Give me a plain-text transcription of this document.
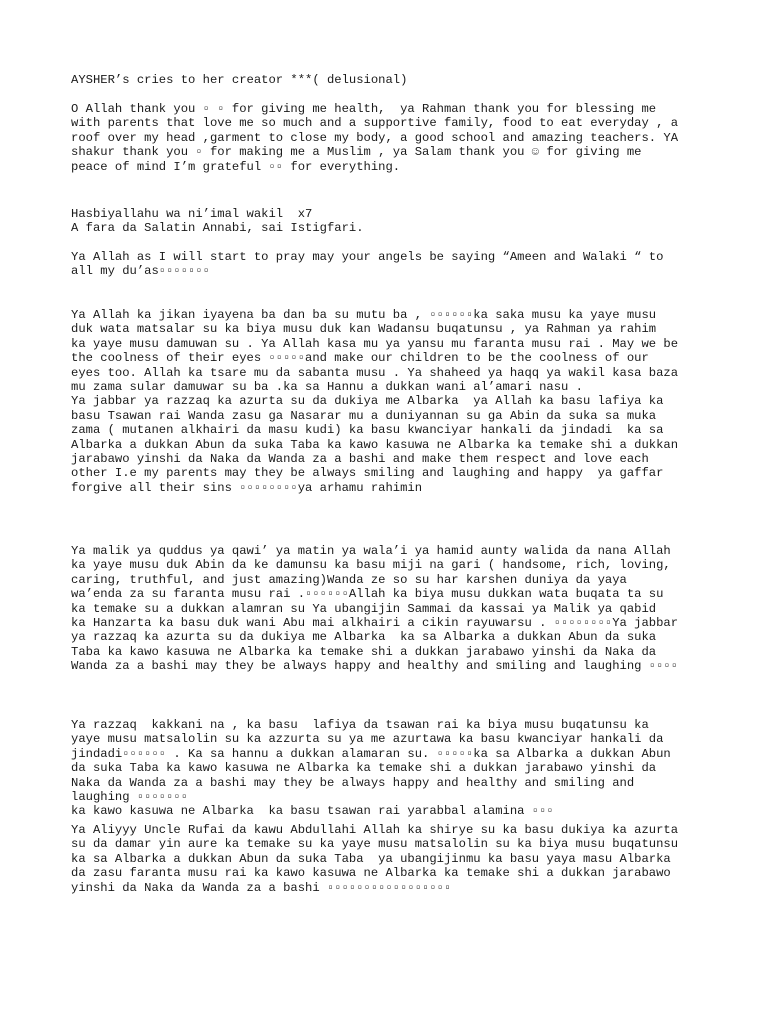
AYSHER’s cries to her creator ***( delusional)

O Allah thank you ▫ ▫ for giving me health,  ya Rahman thank you for blessing me
with parents that love me so much and a supportive family, food to eat everyday , a
roof over my head ,garment to close my body, a good school and amazing teachers. YA
shakur thank you ▫ for making me a Muslim , ya Salam thank you ☺ for giving me
peace of mind I’m grateful ▫▫ for everything.

Hasbiyallahu wa ni’imal wakil  x7
A fara da Salatin Annabi, sai Istigfari.

Ya Allah as I will start to pray may your angels be saying “Ameen and Walaki “ to
all my du’as▫▫▫▫▫▫▫

Ya Allah ka jikan iyayena ba dan ba su mutu ba , ▫▫▫▫▫▫ka saka musu ka yaye musu
duk wata matsalar su ka biya musu duk kan Wadansu buqatunsu , ya Rahman ya rahim
ka yaye musu damuwan su . Ya Allah kasa mu ya yansu mu faranta musu rai . May we be
the coolness of their eyes ▫▫▫▫▫and make our children to be the coolness of our
eyes too. Allah ka tsare mu da sabanta musu . Ya shaheed ya haqq ya wakil kasa baza
mu zama sular damuwar su ba .ka sa Hannu a dukkan wani al’amari nasu .
Ya jabbar ya razzaq ka azurta su da dukiya me Albarka  ya Allah ka basu lafiya ka
basu Tsawan rai Wanda zasu ga Nasarar mu a duniyannan su ga Abin da suka sa muka
zama ( mutanen alkhairi da masu kudi) ka basu kwanciyar hankali da jindadi  ka sa
Albarka a dukkan Abun da suka Taba ka kawo kasuwa ne Albarka ka temake shi a dukkan
jarabawo yinshi da Naka da Wanda za a bashi and make them respect and love each
other I.e my parents may they be always smiling and laughing and happy  ya gaffar
forgive all their sins ▫▫▫▫▫▫▫▫ya arhamu rahimin

Ya malik ya quddus ya qawi’ ya matin ya wala’i ya hamid aunty walida da nana Allah
ka yaye musu duk Abin da ke damunsu ka basu miji na gari ( handsome, rich, loving,
caring, truthful, and just amazing)Wanda ze so su har karshen duniya da yaya
wa’enda za su faranta musu rai .▫▫▫▫▫▫Allah ka biya musu dukkan wata buqata ta su
ka temake su a dukkan alamran su Ya ubangijin Sammai da kassai ya Malik ya qabid
ka Hanzarta ka basu duk wani Abu mai alkhairi a cikin rayuwarsu . ▫▫▫▫▫▫▫▫Ya jabbar
ya razzaq ka azurta su da dukiya me Albarka  ka sa Albarka a dukkan Abun da suka
Taba ka kawo kasuwa ne Albarka ka temake shi a dukkan jarabawo yinshi da Naka da
Wanda za a bashi may they be always happy and healthy and smiling and laughing ▫▫▫▫

Ya razzaq  kakkani na , ka basu  lafiya da tsawan rai ka biya musu buqatunsu ka
yaye musu matsalolin su ka azzurta su ya me azurtawa ka basu kwanciyar hankali da
jindadi▫▫▫▫▫▫ . Ka sa hannu a dukkan alamaran su. ▫▫▫▫▫ka sa Albarka a dukkan Abun
da suka Taba ka kawo kasuwa ne Albarka ka temake shi a dukkan jarabawo yinshi da
Naka da Wanda za a bashi may they be always happy and healthy and smiling and
laughing ▫▫▫▫▫▫▫
ka kawo kasuwa ne Albarka  ka basu tsawan rai yarabbal alamina ▫▫▫

Ya Aliyyy Uncle Rufai da kawu Abdullahi Allah ka shirye su ka basu dukiya ka azurta
su da damar yin aure ka temake su ka yaye musu matsalolin su ka biya musu buqatunsu
ka sa Albarka a dukkan Abun da suka Taba  ya ubangijinmu ka basu yaya masu Albarka
da zasu faranta musu rai ka kawo kasuwa ne Albarka ka temake shi a dukkan jarabawo
yinshi da Naka da Wanda za a bashi ▫▫▫▫▫▫▫▫▫▫▫▫▫▫▫▫▫
